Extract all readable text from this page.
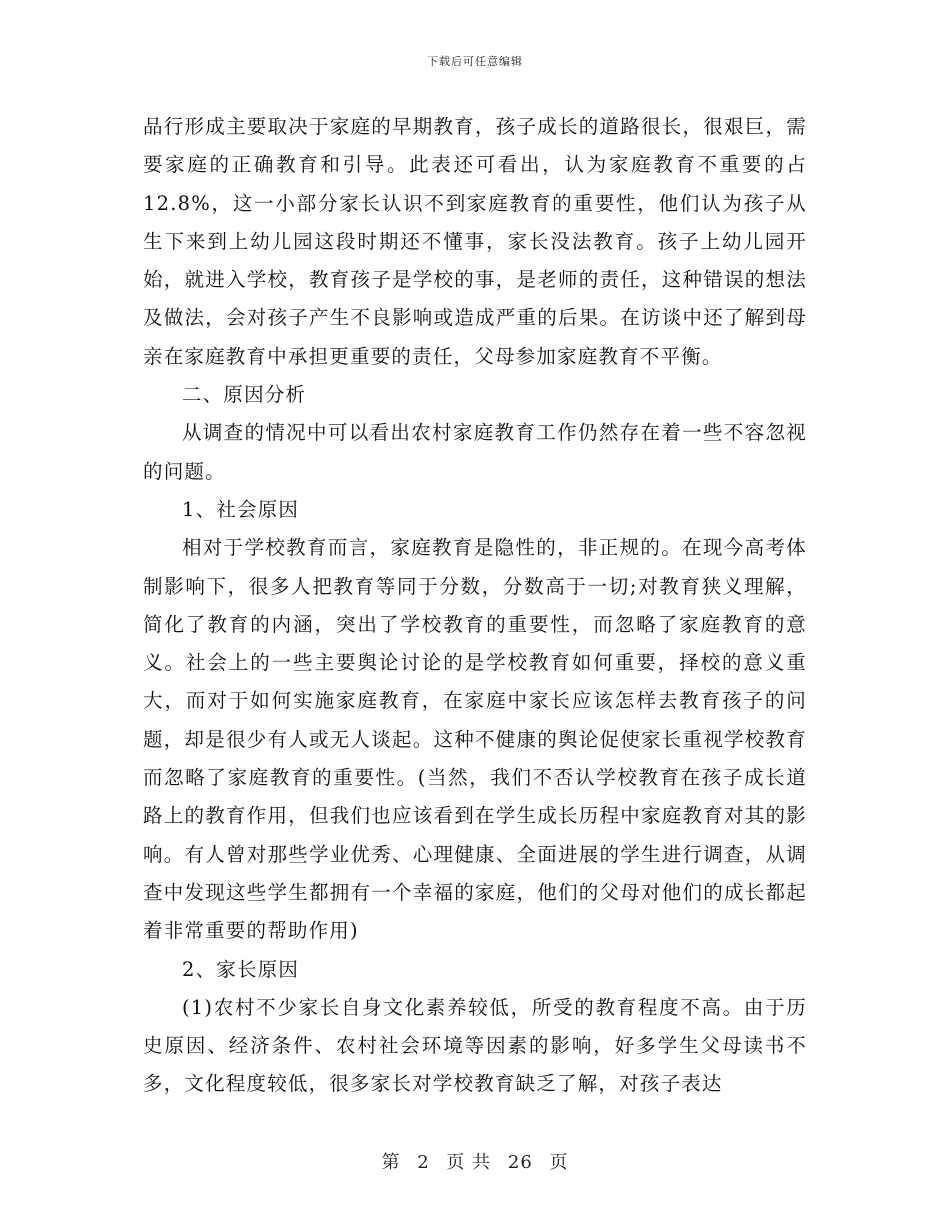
下载后可任意编辑

品行形成主要取决于家庭的早期教育，孩子成长的道路很长，很艰巨，需要家庭的正确教育和引导。此表还可看出，认为家庭教育不重要的占 12.8%，这一小部分家长认识不到家庭教育的重要性，他们认为孩子从生下来到上幼儿园这段时期还不懂事，家长没法教育。孩子上幼儿园开始，就进入学校，教育孩子是学校的事，是老师的责任，这种错误的想法及做法，会对孩子产生不良影响或造成严重的后果。在访谈中还了解到母亲在家庭教育中承担更重要的责任，父母参加家庭教育不平衡。

二、原因分析

从调查的情况中可以看出农村家庭教育工作仍然存在着一些不容忽视的问题。

1、社会原因

相对于学校教育而言，家庭教育是隐性的，非正规的。在现今高考体制影响下，很多人把教育等同于分数，分数高于一切;对教育狭义理解，简化了教育的内涵，突出了学校教育的重要性，而忽略了家庭教育的意义。社会上的一些主要舆论讨论的是学校教育如何重要，择校的意义重大，而对于如何实施家庭教育，在家庭中家长应该怎样去教育孩子的问题，却是很少有人或无人谈起。这种不健康的舆论促使家长重视学校教育而忽略了家庭教育的重要性。(当然，我们不否认学校教育在孩子成长道路上的教育作用，但我们也应该看到在学生成长历程中家庭教育对其的影响。有人曾对那些学业优秀、心理健康、全面进展的学生进行调查，从调查中发现这些学生都拥有一个幸福的家庭，他们的父母对他们的成长都起着非常重要的帮助作用)

2、家长原因

(1)农村不少家长自身文化素养较低，所受的教育程度不高。由于历史原因、经济条件、农村社会环境等因素的影响，好多学生父母读书不多，文化程度较低，很多家长对学校教育缺乏了解，对孩子表达

第 2 页 共 26 页
